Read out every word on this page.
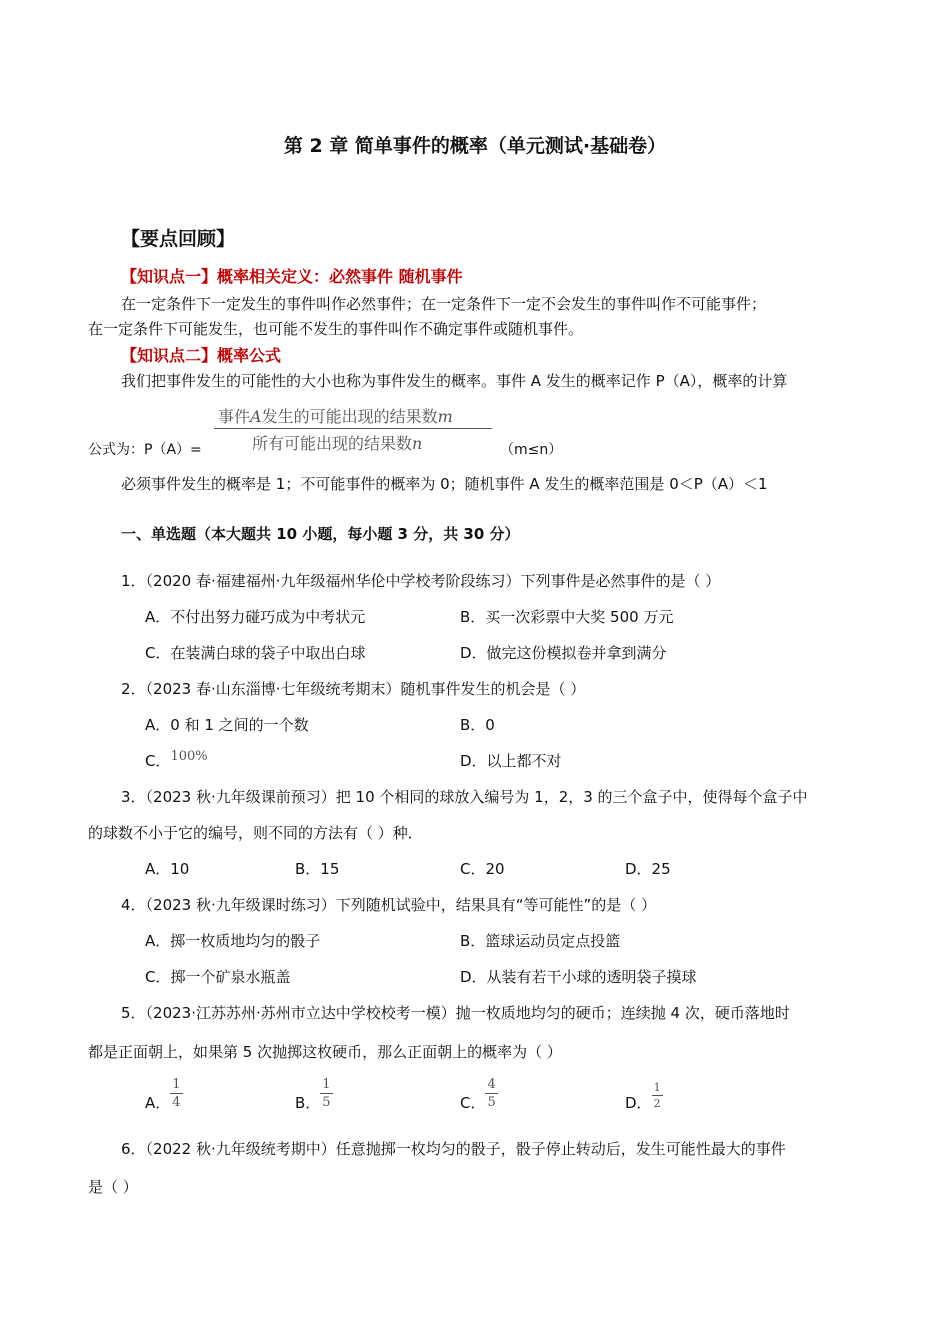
第 2 章 简单事件的概率（单元测试·基础卷）
【要点回顾】
【知识点一】概率相关定义：必然事件 随机事件
在一定条件下一定发生的事件叫作必然事件；在一定条件下一定不会发生的事件叫作不可能事件；
在一定条件下可能发生，也可能不发生的事件叫作不确定事件或随机事件。
【知识点二】概率公式
我们把事件发生的可能性的大小也称为事件发生的概率。事件 A 发生的概率记作 P（A），概率的计算
事件A发生的可能出现的结果数m
所有可能出现的结果数n
公式为：P（A）=	（m≤n）
必须事件发生的概率是 1；不可能事件的概率为 0；随机事件 A 发生的概率范围是 0＜P（A）＜1
一、单选题（本大题共 10 小题，每小题 3 分，共 30 分）
1．（2020 春·福建福州·九年级福州华伦中学校考阶段练习）下列事件是必然事件的是（ ）
A．不付出努力碰巧成为中考状元	B．买一次彩票中大奖 500 万元
C．在装满白球的袋子中取出白球	D．做完这份模拟卷并拿到满分
2．（2023 春·山东淄博·七年级统考期末）随机事件发生的机会是（ ）
A．0 和 1 之间的一个数	B．0
C．100%	D．以上都不对
3．（2023 秋·九年级课前预习）把 10 个相同的球放入编号为 1，2，3 的三个盒子中，使得每个盒子中
的球数不小于它的编号，则不同的方法有（ ）种．
A．10	B．15	C．20	D．25
4．（2023 秋·九年级课时练习）下列随机试验中，结果具有“等可能性”的是（ ）
A．掷一枚质地均匀的骰子	B．篮球运动员定点投篮
C．掷一个矿泉水瓶盖	D．从装有若干小球的透明袋子摸球
5．（2023·江苏苏州·苏州市立达中学校校考一模）抛一枚质地均匀的硬币；连续抛 4 次，硬币落地时
都是正面朝上，如果第 5 次抛掷这枚硬币，那么正面朝上的概率为（ ）
A． $\frac{1}{4}$	B． $\frac{1}{5}$	C． $\frac{4}{5}$	D． $\frac{1}{2}$
6．（2022 秋·九年级统考期中）任意抛掷一枚均匀的骰子，骰子停止转动后，发生可能性最大的事件
是（ ）
